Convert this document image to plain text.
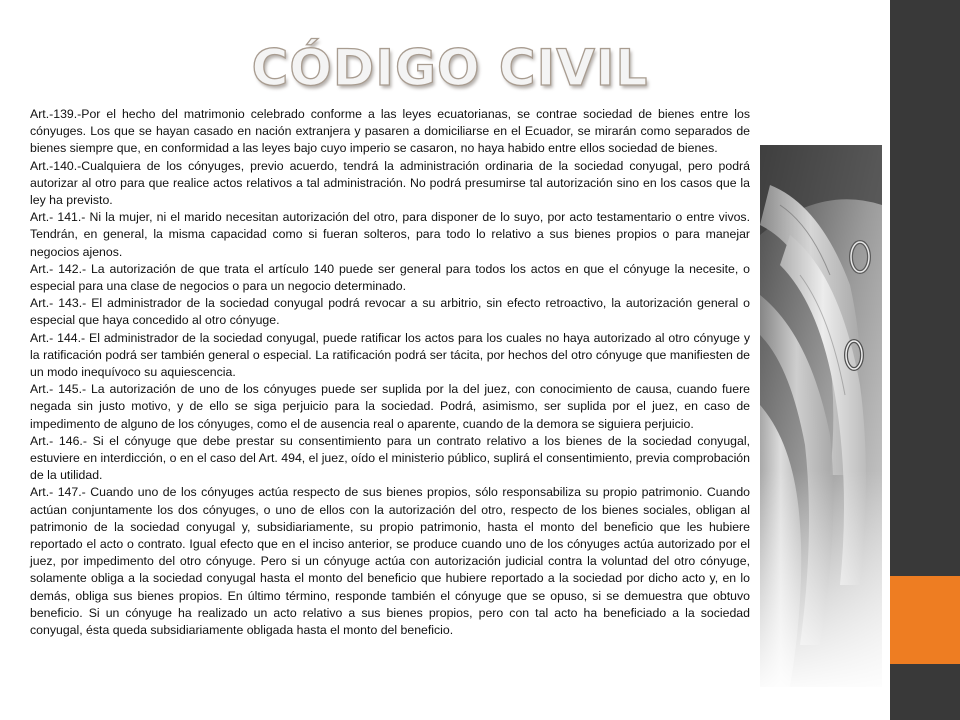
CÓDIGO CIVIL

Art.-139.-Por el hecho del matrimonio celebrado conforme a las leyes ecuatorianas, se contrae sociedad de bienes entre los cónyuges. Los que se hayan casado en nación extranjera y pasaren a domiciliarse en el Ecuador, se mirarán como separados de bienes siempre que, en conformidad a las leyes bajo cuyo imperio se casaron, no haya habido entre ellos sociedad de bienes.

Art.-140.-Cualquiera de los cónyuges, previo acuerdo, tendrá la administración ordinaria de la sociedad conyugal, pero podrá autorizar al otro para que realice actos relativos a tal administración. No podrá presumirse tal autorización sino en los casos que la ley ha previsto.

Art.- 141.- Ni la mujer, ni el marido necesitan autorización del otro, para disponer de lo suyo, por acto testamentario o entre vivos. Tendrán, en general, la misma capacidad como si fueran solteros, para todo lo relativo a sus bienes propios o para manejar negocios ajenos.

Art.- 142.- La autorización de que trata el artículo 140 puede ser general para todos los actos en que el cónyuge la necesite, o especial para una clase de negocios o para un negocio determinado.

Art.- 143.- El administrador de la sociedad conyugal podrá revocar a su arbitrio, sin efecto retroactivo, la autorización general o especial que haya concedido al otro cónyuge.

Art.- 144.- El administrador de la sociedad conyugal, puede ratificar los actos para los cuales no haya autorizado al otro cónyuge y la ratificación podrá ser también general o especial. La ratificación podrá ser tácita, por hechos del otro cónyuge que manifiesten de un modo inequívoco su aquiescencia.

Art.- 145.- La autorización de uno de los cónyuges puede ser suplida por la del juez, con conocimiento de causa, cuando fuere negada sin justo motivo, y de ello se siga perjuicio para la sociedad. Podrá, asimismo, ser suplida por el juez, en caso de impedimento de alguno de los cónyuges, como el de ausencia real o aparente, cuando de la demora se siguiera perjuicio.

Art.- 146.- Si el cónyuge que debe prestar su consentimiento para un contrato relativo a los bienes de la sociedad conyugal, estuviere en interdicción, o en el caso del Art. 494, el juez, oído el ministerio público, suplirá el consentimiento, previa comprobación de la utilidad.

Art.- 147.- Cuando uno de los cónyuges actúa respecto de sus bienes propios, sólo responsabiliza su propio patrimonio. Cuando actúan conjuntamente los dos cónyuges, o uno de ellos con la autorización del otro, respecto de los bienes sociales, obligan al patrimonio de la sociedad conyugal y, subsidiariamente, su propio patrimonio, hasta el monto del beneficio que les hubiere reportado el acto o contrato. Igual efecto que en el inciso anterior, se produce cuando uno de los cónyuges actúa autorizado por el juez, por impedimento del otro cónyuge. Pero si un cónyuge actúa con autorización judicial contra la voluntad del otro cónyuge, solamente obliga a la sociedad conyugal hasta el monto del beneficio que hubiere reportado a la sociedad por dicho acto y, en lo demás, obliga sus bienes propios. En último término, responde también el cónyuge que se opuso, si se demuestra que obtuvo beneficio. Si un cónyuge ha realizado un acto relativo a sus bienes propios, pero con tal acto ha beneficiado a la sociedad conyugal, ésta queda subsidiariamente obligada hasta el monto del beneficio.
